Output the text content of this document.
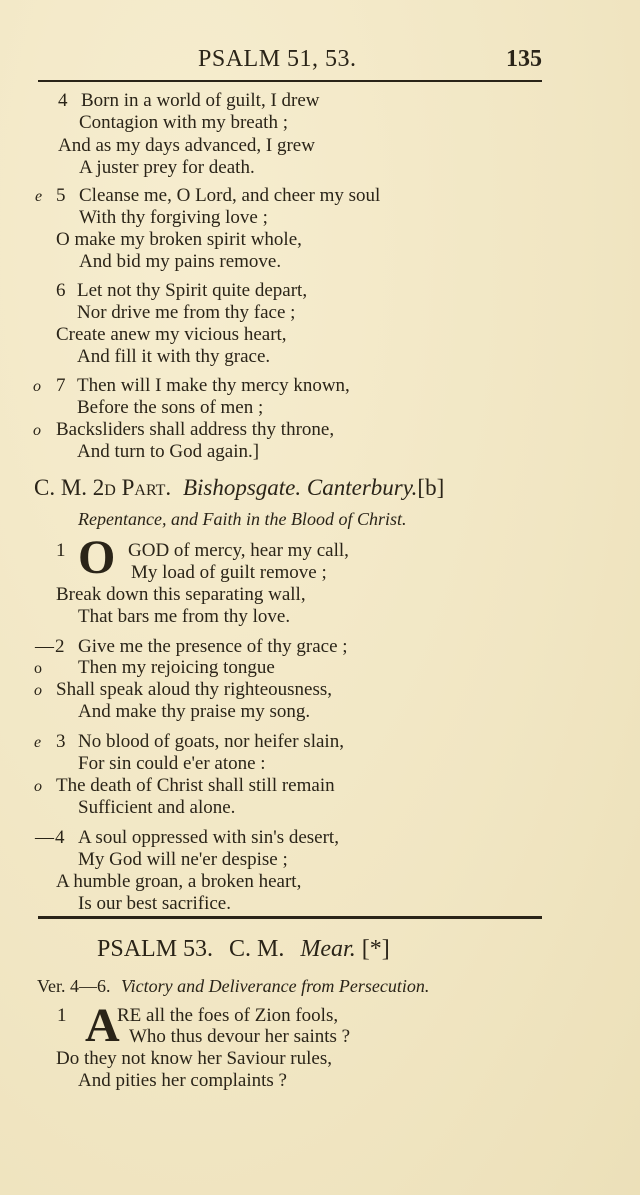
PSALM 51, 53.	135
4 Born in a world of guilt, I drew
Contagion with my breath ;
And as my days advanced, I grew
A juster prey for death.
e 5 Cleanse me, O Lord, and cheer my soul
With thy forgiving love ;
O make my broken spirit whole,
And bid my pains remove.
6 Let not thy Spirit quite depart,
Nor drive me from thy face ;
Create anew my vicious heart,
And fill it with thy grace.
o 7 Then will I make thy mercy known,
Before the sons of men ;
o Backsliders shall address thy throne,
And turn to God again.]
C. M. 2d Part. Bishopsgate. Canterbury.[b]
Repentance, and Faith in the Blood of Christ.
1 O GOD of mercy, hear my call,
My load of guilt remove ;
Break down this separating wall,
That bars me from thy love.
— 2 Give me the presence of thy grace ;
o Then my rejoicing tongue
o Shall speak aloud thy righteousness,
And make thy praise my song.
e 3 No blood of goats, nor heifer slain,
For sin could e'er atone :
o The death of Christ shall still remain
Sufficient and alone.
— 4 A soul oppressed with sin's desert,
My God will ne'er despise ;
A humble groan, a broken heart,
Is our best sacrifice.
PSALM 53. C. M. Mear. [*]
Ver. 4—6. Victory and Deliverance from Persecution.
1 A
RE all the foes of Zion fools,
Who thus devour her saints ?
Do they not know her Saviour rules,
And pities her complaints ?
